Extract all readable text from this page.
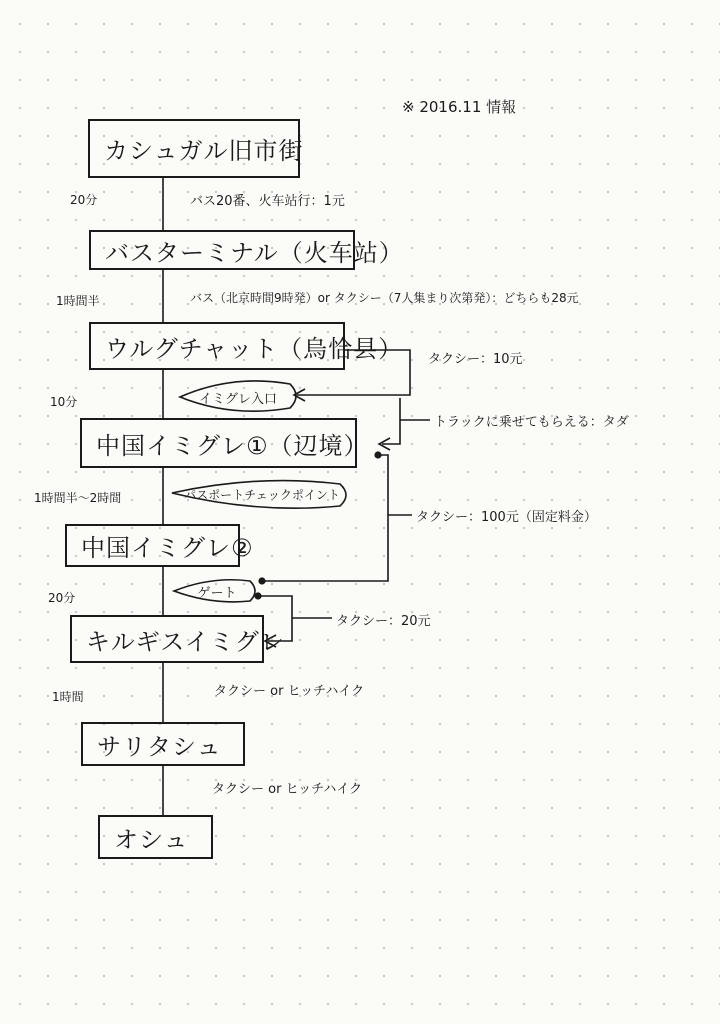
※ 2016.11 情報
カシュガル旧市街
バスターミナル（火车站）
ウルグチャット（烏恰县）
中国イミグレ①（辺境）
中国イミグレ②
キルギスイミグレ
サリタシュ
オシュ
イミグレ入口
パスポートチェックポイント
ゲート
20分
1時間半
10分
1時間半～2時間
20分
1時間
バス20番、火车站行：1元
バス（北京時間9時発）or タクシー（7人集まり次第発）：どちらも28元
タクシー or ヒッチハイク
タクシー or ヒッチハイク
タクシー：10元
トラックに乗せてもらえる：タダ
タクシー：100元（固定料金）
タクシー：20元
